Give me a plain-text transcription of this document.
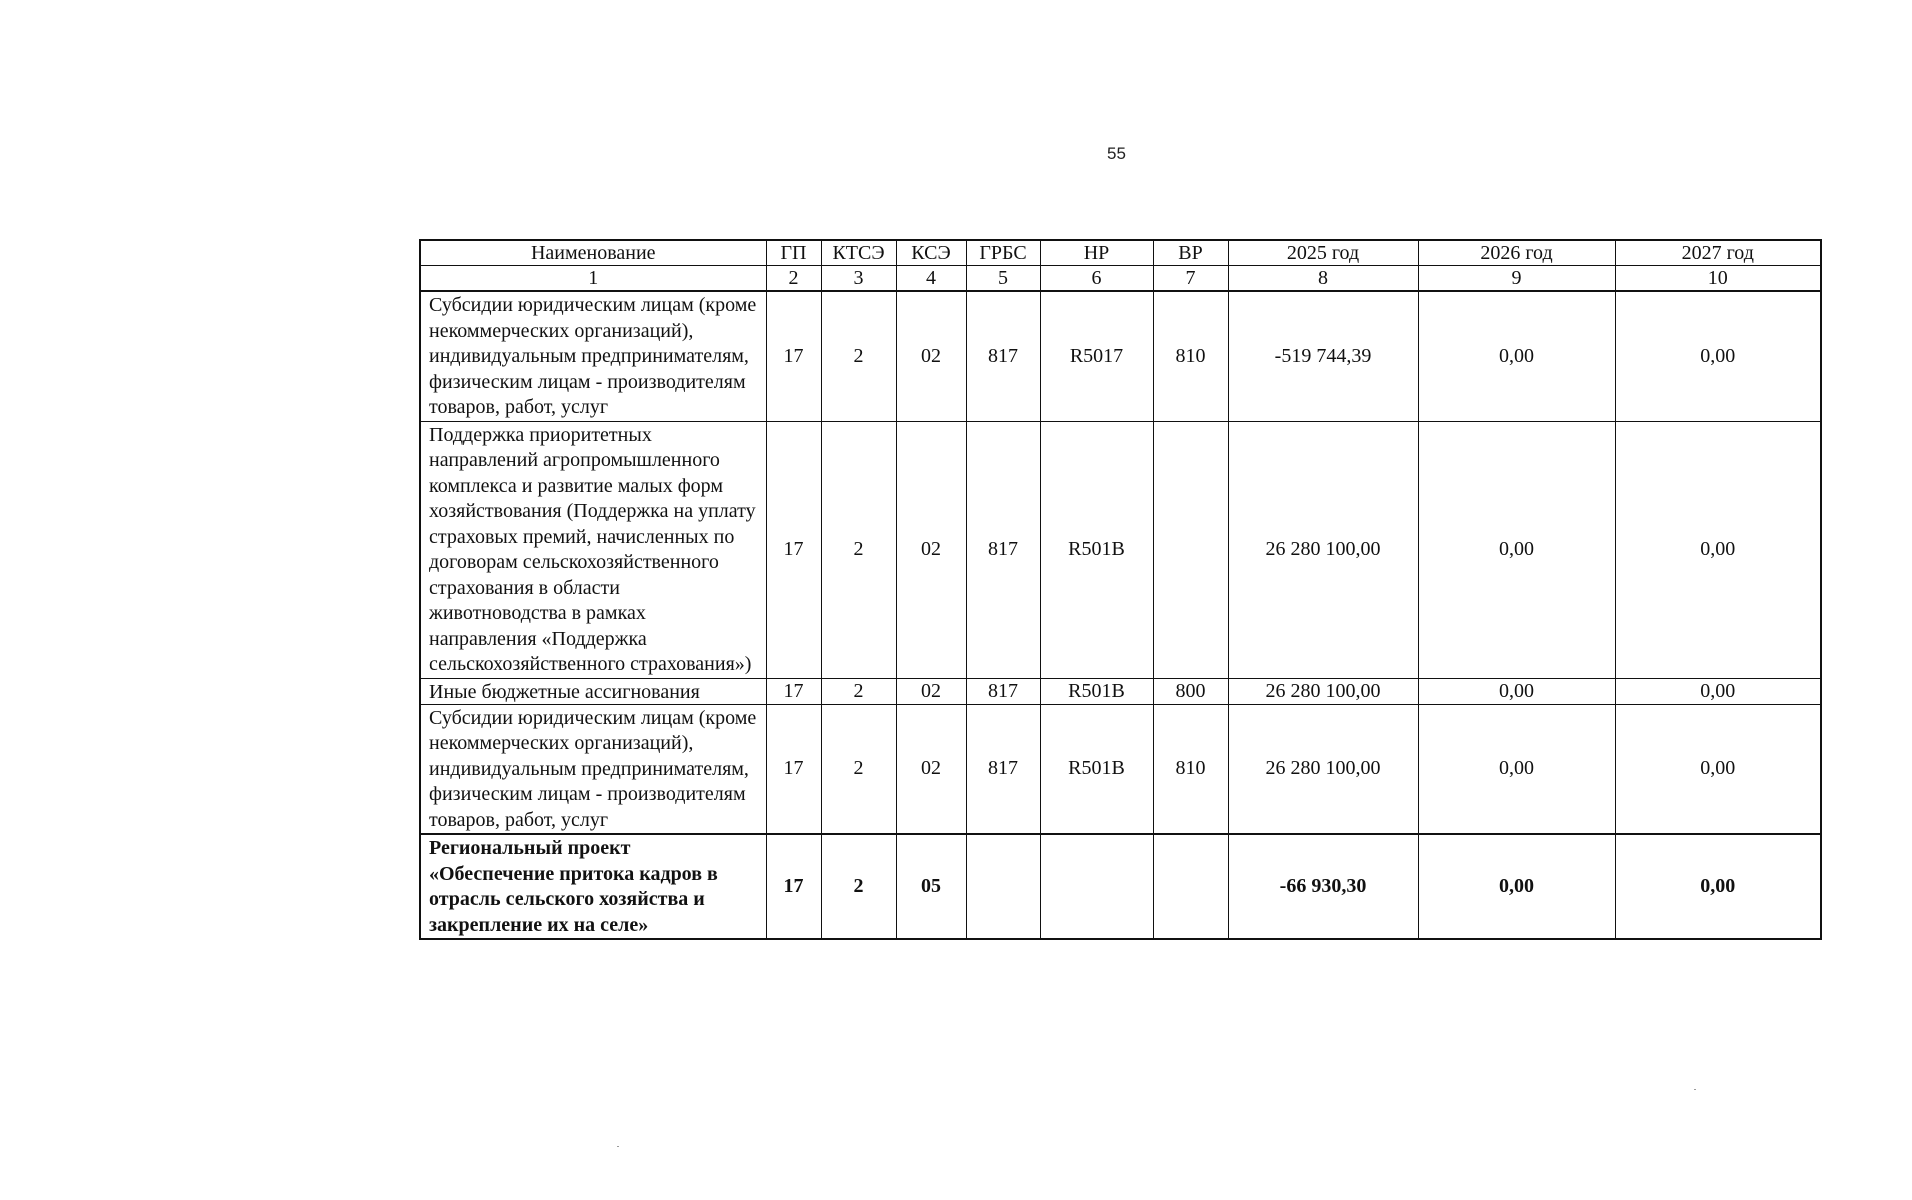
55
Наименование	ГП	КТСЭ	КСЭ	ГРБС	НР	ВР	2025 год	2026 год	2027 год
1	2	3	4	5	6	7	8	9	10
Субсидии юридическим лицам (кроме некоммерческих организаций), индивидуальным предпринимателям, физическим лицам - производителям товаров, работ, услуг	17	2	02	817	R5017	810	-519 744,39	0,00	0,00
Поддержка приоритетных направлений агропромышленного комплекса и развитие малых форм хозяйствования (Поддержка на уплату страховых премий, начисленных по договорам сельскохозяйственного страхования в области животноводства в рамках направления «Поддержка сельскохозяйственного страхования»)	17	2	02	817	R501B		26 280 100,00	0,00	0,00
Иные бюджетные ассигнования	17	2	02	817	R501B	800	26 280 100,00	0,00	0,00
Субсидии юридическим лицам (кроме некоммерческих организаций), индивидуальным предпринимателям, физическим лицам - производителям товаров, работ, услуг	17	2	02	817	R501B	810	26 280 100,00	0,00	0,00
Региональный проект «Обеспечение притока кадров в отрасль сельского хозяйства и закрепление их на селе»	17	2	05				-66 930,30	0,00	0,00
